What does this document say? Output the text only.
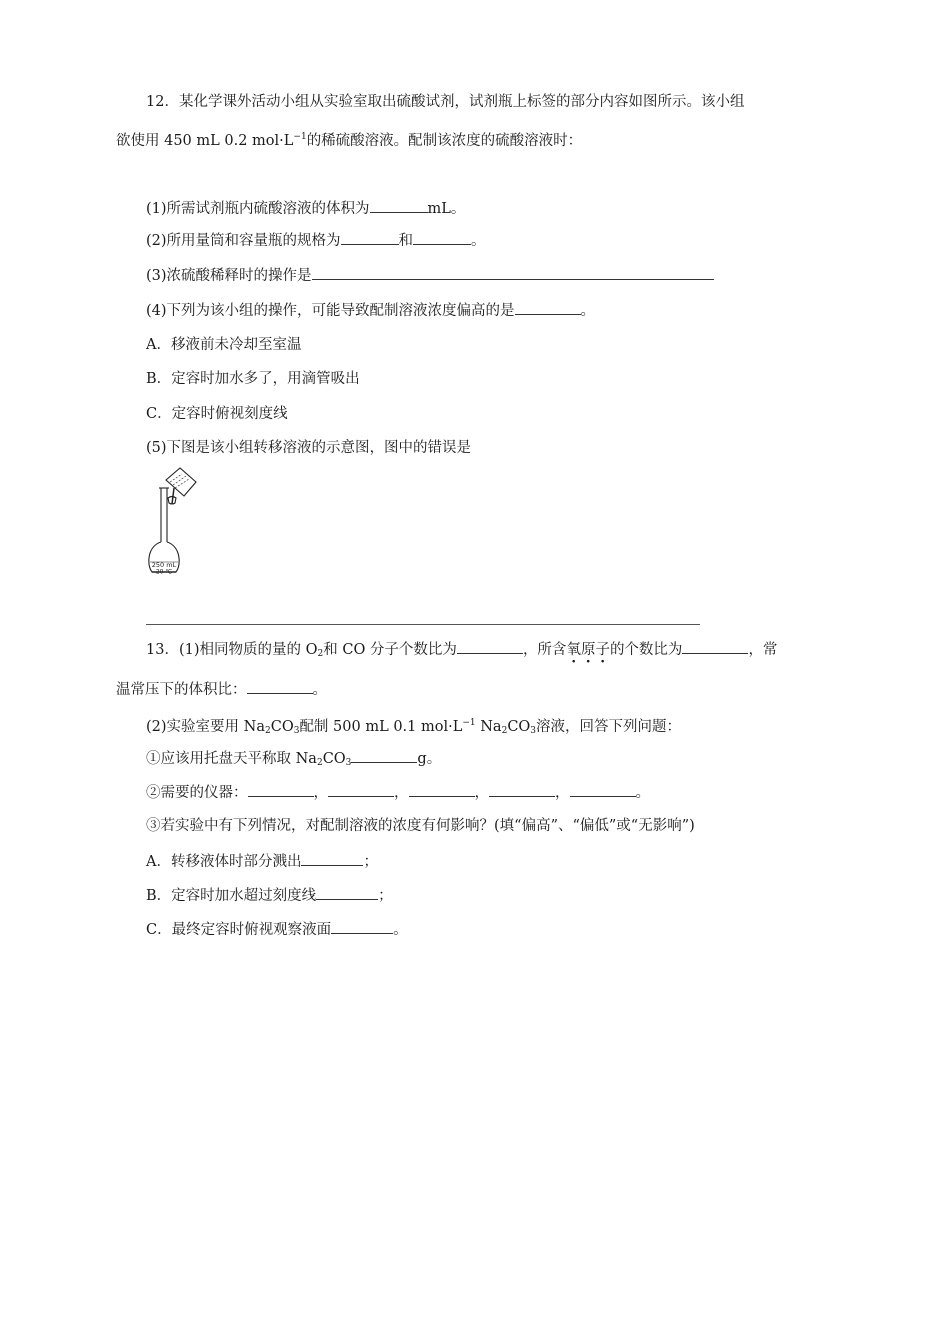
12．某化学课外活动小组从实验室取出硫酸试剂，试剂瓶上标签的部分内容如图所示。该小组
欲使用 450 mL 0.2 $mol\cdot L^{-1}$的稀硫酸溶液。配制该浓度的硫酸溶液时：
(1)所需试剂瓶内硫酸溶液的体积为	mL。
(2)所用量筒和容量瓶的规格为	和	。
(3)浓硫酸稀释时的操作是
(4)下列为该小组的操作，可能导致配制溶液浓度偏高的是	。
A．移液前未冷却至室温
B．定容时加水多了，用滴管吸出
C．定容时俯视刻度线
(5)下图是该小组转移溶液的示意图，图中的错误是
250 mL
20 ℃
13．(1)相同物质的量的 $O_2$和 CO 分子个数比为	，所含氧原子的个数比为	，常
温常压下的体积比：	。
(2)实验室要用 $Na_2CO_3$配制 500 mL 0.1 $mol\cdot L^{-1}$ $Na_2CO_3$溶液，回答下列问题：
①应该用托盘天平称取 $Na_2CO_3$	g。
②需要的仪器：	，	，	，	，	。
③若实验中有下列情况，对配制溶液的浓度有何影响？(填“偏高”、“偏低”或“无影响”)
A．转移液体时部分溅出	；
B．定容时加水超过刻度线	；
C．最终定容时俯视观察液面	。
